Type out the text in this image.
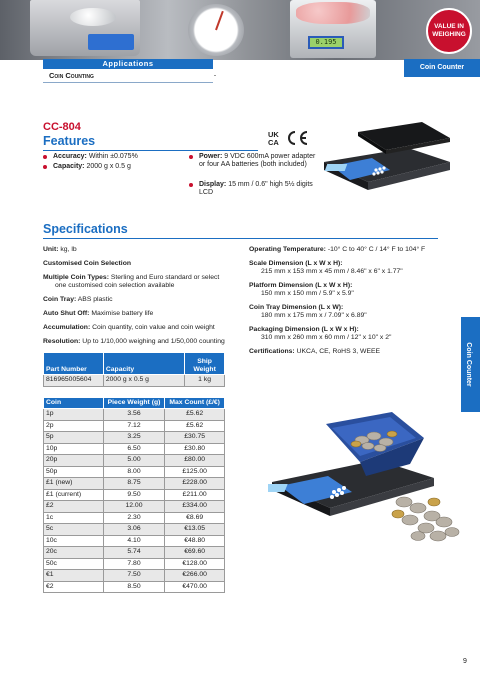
0.195
VALUE IN WEIGHING
Applications
Coin Counting
Coin Counter
CC-804
Features	UK
CA
Accuracy: Within ±0.075%
Capacity: 2000 g x 0.5 g
Power: 9 VDC 600mA power adapter or four AA batteries (both included)
Display: 15 mm / 0.6" high 5½ digits LCD
Specifications
Unit: kg, lb
Customised Coin Selection
Multiple Coin Types: Sterling and Euro standard or select
one customised coin selection available
Coin Tray: ABS plastic
Auto Shut Off: Maximise battery life
Accumulation: Coin quantity, coin value and coin weight
Resolution: Up to 1/10,000 weighing and 1/50,000 counting
Operating Temperature: -10° C to 40° C / 14° F to 104° F
Scale Dimension (L x W x H):
215 mm x 153 mm x 45 mm / 8.46" x 6" x 1.77"
Platform Dimension (L x W x H):
150 mm x 150 mm / 5.9" x 5.9"
Coin Tray Dimension (L x W):
180 mm x 175 mm x / 7.09" x 6.89"
Packaging Dimension (L x W x H):
310 mm x 260 mm x 60 mm / 12" x 10" x 2"
Certifications: UKCA, CE, RoHS 3, WEEE
Part Number	Capacity	Ship Weight
816965005604	2000 g x 0.5 g	1 kg
Coin	Piece Weight (g)	Max Count (£/€)
1p	3.56	£5.62
2p	7.12	£5.62
5p	3.25	£30.75
10p	6.50	£30.80
20p	5.00	£80.00
50p	8.00	£125.00
£1 (new)	8.75	£228.00
£1 (current)	9.50	£211.00
£2	12.00	£334.00
1c	2.30	€8.69
5c	3.06	€13.05
10c	4.10	€48.80
20c	5.74	€69.60
50c	7.80	€128.00
€1	7.50	€266.00
€2	8.50	€470.00
Coin Counter
9
